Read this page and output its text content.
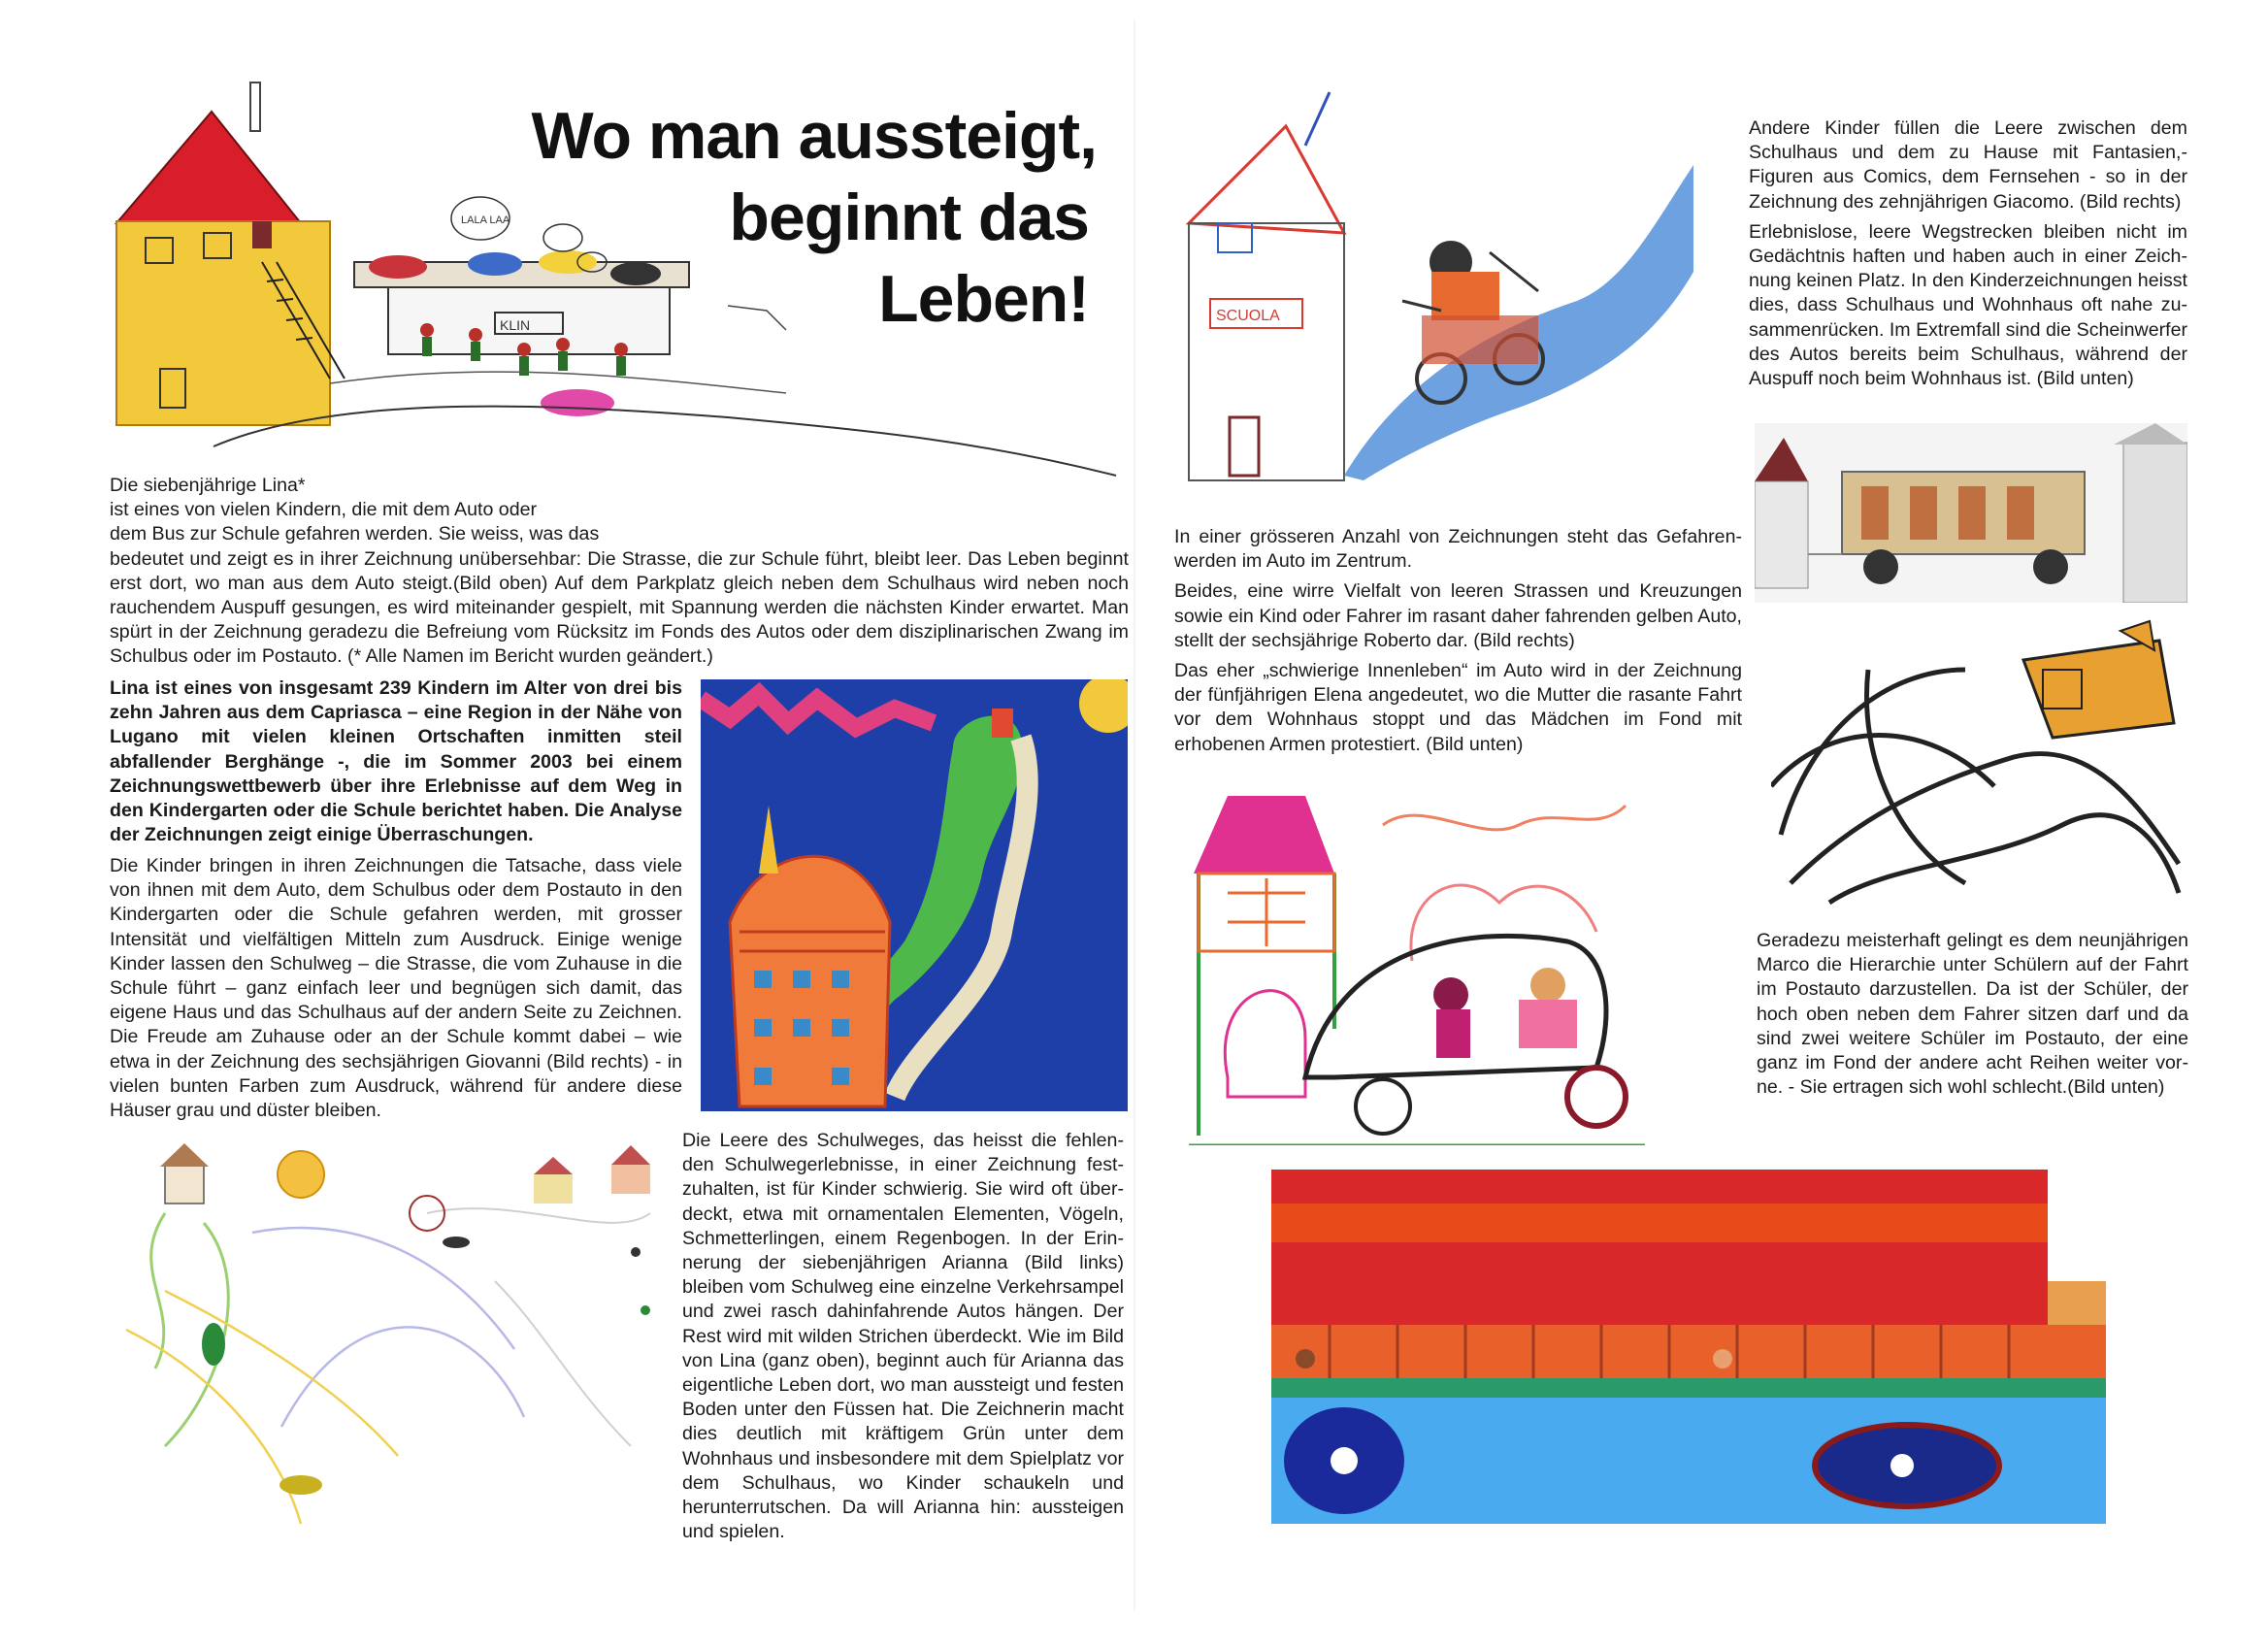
KLIN
LALA LAA
Wo man aussteigt,
beginnt das
Leben!
Die siebenjährige Lina*
ist eines von vielen Kindern, die mit dem Auto oder
dem Bus zur Schule gefahren werden. Sie weiss, was das
bedeutet und zeigt es in ihrer Zeichnung unübersehbar: Die Strasse, die zur Schule führt, bleibt leer. Das Leben beginnt erst dort, wo man aus dem Auto steigt.(Bild oben) Auf dem Parkplatz gleich neben dem Schulhaus wird neben noch rauchendem Auspuff gesungen, es wird miteinander gespielt, mit Spannung werden die nächsten Kinder erwartet. Man spürt in der Zeichnung geradezu die Befreiung vom Rücksitz im Fonds des Autos oder dem disziplinarischen Zwang im Schulbus oder im Postauto. (* Alle Namen im Bericht wurden geändert.)
Lina ist eines von insgesamt 239 Kindern im Alter von drei bis zehn Jahren aus dem Capriasca – eine Region in der Nähe von Lugano mit vielen kleinen Ortschaften inmitten steil abfallender Berghänge -, die im Sommer 2003 bei einem Zeichnungswettbewerb über ihre Erlebnisse auf dem Weg in den Kindergarten oder die Schule berichtet haben. Die Analyse der Zeichnungen zeigt einige Überraschungen.
Die Kinder bringen in ihren Zeichnungen die Tatsache, dass viele von ihnen mit dem Auto, dem Schulbus oder dem Postauto in den Kindergarten oder die Schule gefahren werden, mit grosser Intensität und vielfältigen Mitteln zum Ausdruck. Einige wenige Kinder lassen den Schulweg – die Strasse, die vom Zuhause in die Schule führt – ganz einfach leer und begnügen sich damit, das eigene Haus und das Schulhaus auf der andern Seite zu Zeichnen. Die Freude am Zuhause oder an der Schule kommt dabei – wie etwa in der Zeichnung des sechsjährigen Giovanni (Bild rechts) - in vielen bunten Farben zum Ausdruck, während für andere diese Häuser grau und düster bleiben.
Die Leere des Schulweges, das heisst die fehlenden Schulwegerlebnisse, in einer Zeichnung festzuhalten, ist für Kinder schwierig. Sie wird oft überdeckt, etwa mit ornamentalen Elementen, Vögeln, Schmetterlingen, einem Regenbogen. In der Erinnerung der siebenjährigen Arianna (Bild links) bleiben vom Schulweg eine einzelne Verkehrsampel und zwei rasch dahinfahrende Autos hängen. Der Rest wird mit wilden Strichen überdeckt. Wie im Bild von Lina (ganz oben), beginnt auch für Arianna das eigentliche Leben dort, wo man aussteigt und festen Boden unter den Füssen hat. Die Zeichnerin macht dies deutlich mit kräftigem Grün unter dem Wohnhaus und insbesondere mit dem Spielplatz vor dem Schulhaus, wo Kinder schaukeln und herunterrutschen. Da will Arianna hin: aussteigen und spielen.
SCUOLA

Andere Kinder füllen die Leere zwischen dem Schulhaus und dem zu Hause mit Fantasien,-Figuren aus Comics, dem Fernsehen - so in der Zeichnung des zehnjährigen Giacomo. (Bild rechts)

Erlebnislose, leere Wegstrecken bleiben nicht im Gedächtnis haften und haben auch in einer Zeichnung keinen Platz. In den Kinderzeichnungen heisst dies, dass Schulhaus und Wohnhaus oft nahe zusammenrücken. Im Extremfall sind die Scheinwerfer des Autos bereits beim Schulhaus, während der Auspuff noch beim Wohnhaus ist. (Bild unten)

In einer grösseren Anzahl von Zeichnungen steht das Gefahrenwerden im Auto im Zentrum.

Beides, eine wirre Vielfalt von leeren Strassen und Kreuzungen sowie ein Kind oder Fahrer im rasant daher fahrenden gelben Auto, stellt der sechsjährige Roberto dar. (Bild rechts)

Das eher „schwierige Innenleben“ im Auto wird in der Zeichnung der fünfjährigen Elena angedeutet, wo die Mutter die rasante Fahrt vor dem Wohnhaus stoppt und das Mädchen im Fond mit erhobenen Armen protestiert. (Bild unten)

Geradezu meisterhaft gelingt es dem neunjährigen Marco die Hierarchie unter Schülern auf der Fahrt im Postauto darzustellen. Da ist der Schüler, der hoch oben neben dem Fahrer sitzen darf und da sind zwei weitere Schüler im Postauto, der eine ganz im Fond der andere acht Reihen weiter vorne. - Sie ertragen sich wohl schlecht.(Bild unten)
